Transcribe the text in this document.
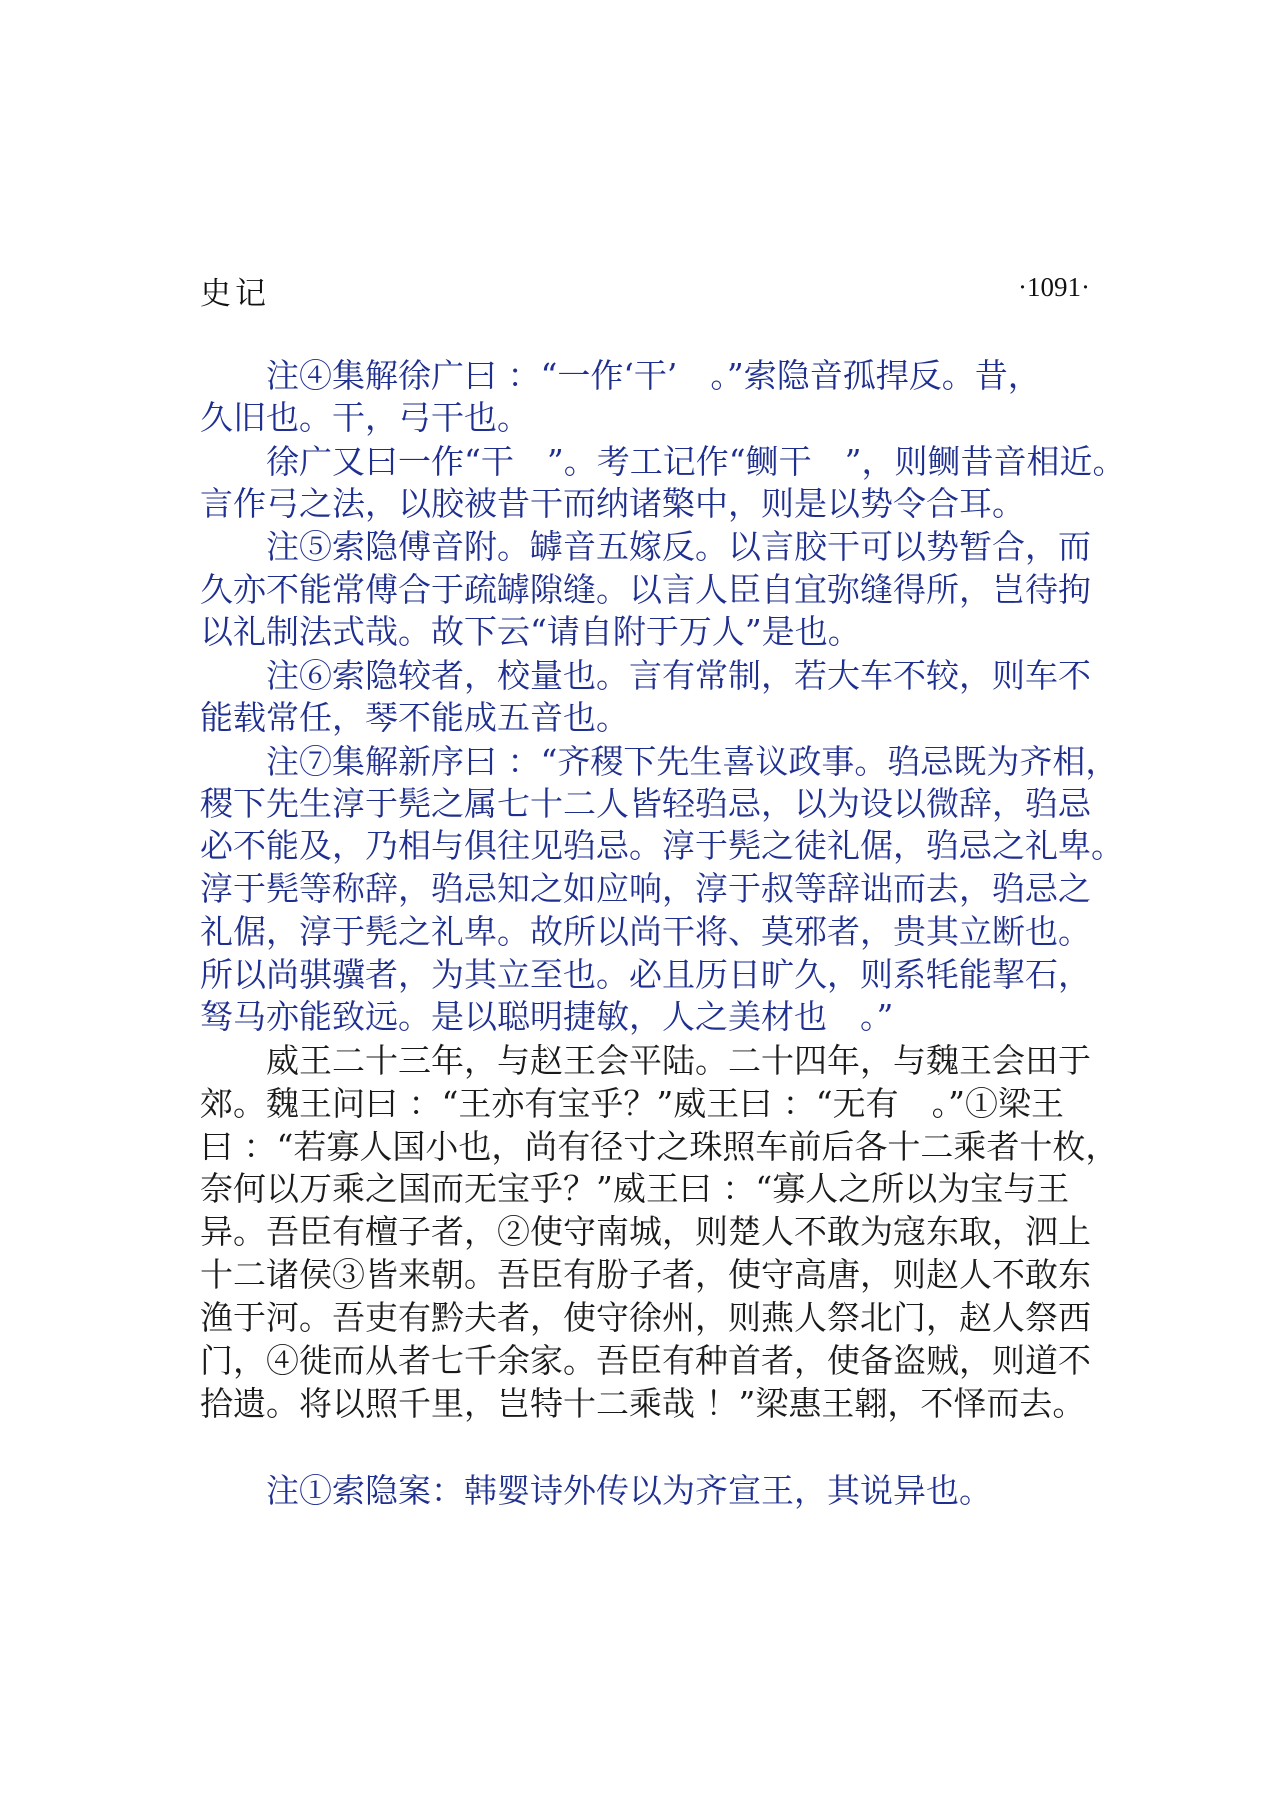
史记	·1091·
　　注④集解徐广曰 ：“一作‘干’　。”索隐音孤捍反。昔，
久旧也。干，弓干也。
　　徐广又曰一作“干　”。考工记作“鲗干　”，则鲗昔音相近。
言作弓之法，以胶被昔干而纳诸檠中，则是以势令合耳。
　　注⑤索隐傅音附。罅音五嫁反。以言胶干可以势暂合，而
久亦不能常傅合于疏罅隙缝。以言人臣自宜弥缝得所，岂待拘
以礼制法式哉。故下云“请自附于万人”是也。
　　注⑥索隐较者，校量也。言有常制，若大车不较，则车不
能载常任，琴不能成五音也。
　　注⑦集解新序曰 ：“齐稷下先生喜议政事。驺忌既为齐相，
稷下先生淳于髡之属七十二人皆轻驺忌，以为设以微辞，驺忌
必不能及，乃相与俱往见驺忌。淳于髡之徒礼倨，驺忌之礼卑。
淳于髡等称辞，驺忌知之如应响，淳于叔等辞诎而去，驺忌之
礼倨，淳于髡之礼卑。故所以尚干将、莫邪者，贵其立断也。
所以尚骐骥者，为其立至也。必且历日旷久，则系牦能挈石，
驽马亦能致远。是以聪明捷敏，人之美材也　。”
　　威王二十三年，与赵王会平陆。二十四年，与魏王会田于
郊。魏王问曰 ：“王亦有宝乎？”威王曰 ：“无有　。”①梁王
曰 ：“若寡人国小也，尚有径寸之珠照车前后各十二乘者十枚，
奈何以万乘之国而无宝乎？”威王曰 ：“寡人之所以为宝与王
异。吾臣有檀子者，②使守南城，则楚人不敢为寇东取，泗上
十二诸侯③皆来朝。吾臣有朌子者，使守高唐，则赵人不敢东
渔于河。吾吏有黔夫者，使守徐州，则燕人祭北门，赵人祭西
门，④徙而从者七千余家。吾臣有种首者，使备盗贼，则道不
拾遗。将以照千里，岂特十二乘哉 ！”梁惠王翶，不怿而去。
　　注①索隐案：韩婴诗外传以为齐宣王，其说异也。
